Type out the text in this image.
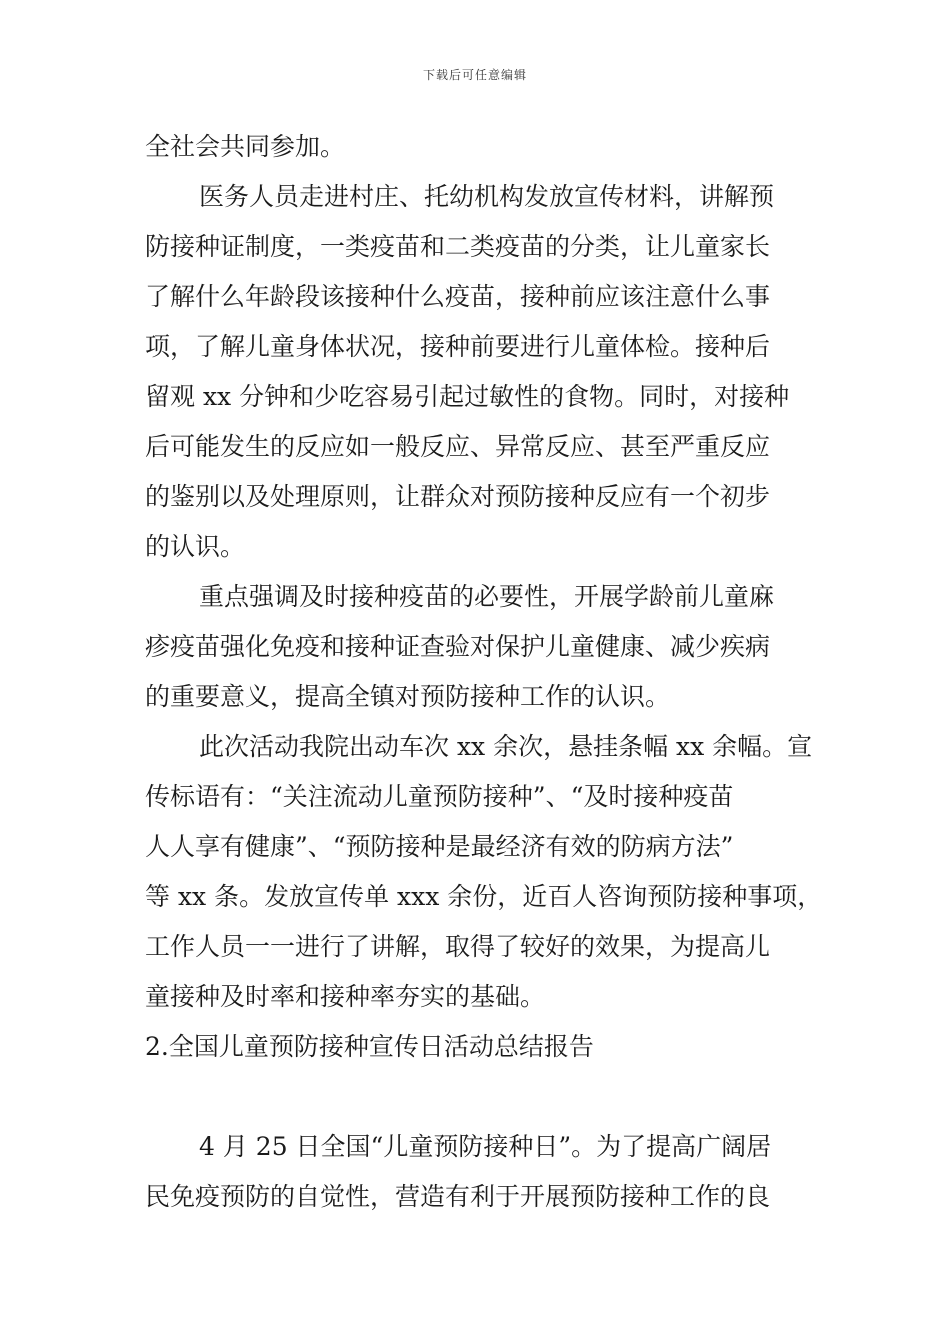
下载后可任意编辑
全社会共同参加。
医务人员走进村庄、托幼机构发放宣传材料，讲解预
防接种证制度，一类疫苗和二类疫苗的分类，让儿童家长
了解什么年龄段该接种什么疫苗，接种前应该注意什么事
项，了解儿童身体状况，接种前要进行儿童体检。接种后
留观 xx 分钟和少吃容易引起过敏性的食物。同时，对接种
后可能发生的反应如一般反应、异常反应、甚至严重反应
的鉴别以及处理原则，让群众对预防接种反应有一个初步
的认识。
重点强调及时接种疫苗的必要性，开展学龄前儿童麻
疹疫苗强化免疫和接种证查验对保护儿童健康、减少疾病
的重要意义，提高全镇对预防接种工作的认识。
此次活动我院出动车次 xx 余次，悬挂条幅 xx 余幅。宣
传标语有：“关注流动儿童预防接种”、“及时接种疫苗
人人享有健康”、“预防接种是最经济有效的防病方法”
等 xx 条。发放宣传单 xxx 余份，近百人咨询预防接种事项，
工作人员一一进行了讲解，取得了较好的效果，为提高儿
童接种及时率和接种率夯实的基础。
2.全国儿童预防接种宣传日活动总结报告
4 月 25 日全国“儿童预防接种日”。为了提高广阔居
民免疫预防的自觉性，营造有利于开展预防接种工作的良
